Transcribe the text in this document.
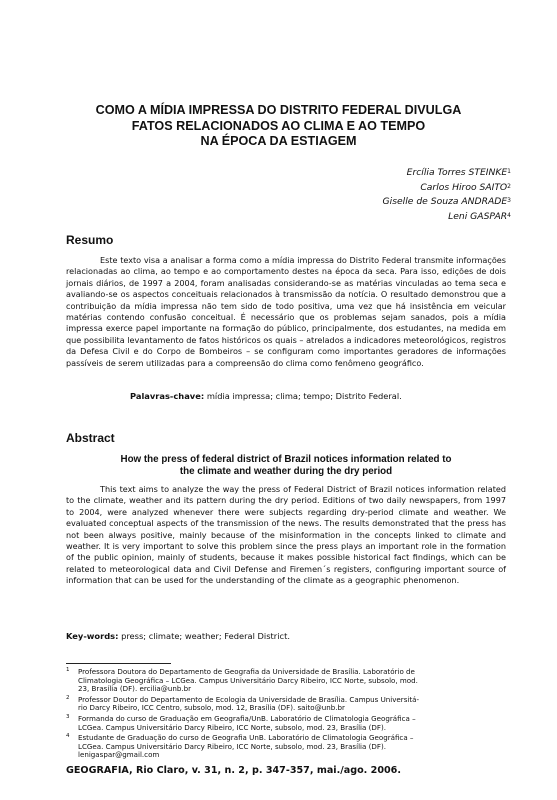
COMO A MÍDIA IMPRESSA DO DISTRITO FEDERAL DIVULGA
FATOS RELACIONADOS AO CLIMA E AO TEMPO
NA ÉPOCA DA ESTIAGEM
Ercília Torres STEINKE$^1$
Carlos Hiroo SAITO$^2$
Giselle de Souza ANDRADE$^3$
Leni GASPAR$^4$
Resumo

Este texto visa a analisar a forma como a mídia impressa do Distrito Federal transmite informações relacionadas ao clima, ao tempo e ao comportamento destes na época da seca. Para isso, edições de dois jornais diários, de 1997 a 2004, foram analisadas considerando-se as matérias vinculadas ao tema seca e avaliando-se os aspectos conceituais relacionados à transmissão da notícia. O resultado demonstrou que a contribuição da mídia impressa não tem sido de todo positiva, uma vez que há insistência em veicular matérias contendo confusão conceitual. É necessário que os problemas sejam sanados, pois a mídia impressa exerce papel importante na formação do público, principalmente, dos estudantes, na medida em que possibilita levantamento de fatos históricos os quais – atrelados a indicadores meteorológicos, registros da Defesa Civil e do Corpo de Bombeiros – se configuram como importantes geradores de informações passíveis de serem utilizadas para a compreensão do clima como fenômeno geográfico.

Palavras-chave: mídia impressa; clima; tempo; Distrito Federal.
Abstract
How the press of federal district of Brazil notices information related to
the climate and weather during the dry period

This text aims to analyze the way the press of Federal District of Brazil notices information related to the climate, weather and its pattern during the dry period. Editions of two daily newspapers, from 1997 to 2004, were analyzed whenever there were subjects regarding dry-period climate and weather. We evaluated conceptual aspects of the transmission of the news. The results demonstrated that the press has not been always positive, mainly because of the misinformation in the concepts linked to climate and weather. It is very important to solve this problem since the press plays an important role in the formation of the public opinion, mainly of students, because it makes possible historical fact findings, which can be related to meteorological data and Civil Defense and Firemen´s registers, configuring important source of information that can be used for the understanding of the climate as a geographic phenomenon.

Key-words: press; climate; weather; Federal District.
1 Professora Doutora do Departamento de Geografia da Universidade de Brasília. Laboratório de
Climatologia Geográfica – LCGea. Campus Universitário Darcy Ribeiro, ICC Norte, subsolo, mod.
23, Brasília (DF). ercilia@unb.br
2 Professor Doutor do Departamento de Ecologia da Universidade de Brasília. Campus Universitá-
rio Darcy Ribeiro, ICC Centro, subsolo, mod. 12, Brasília (DF). saito@unb.br
3 Formanda do curso de Graduação em Geografia/UnB. Laboratório de Climatologia Geográfica –
LCGea. Campus Universitário Darcy Ribeiro, ICC Norte, subsolo, mod. 23, Brasília (DF).
4 Estudante de Graduação do curso de Geografia UnB. Laboratório de Climatologia Geográfica –
LCGea. Campus Universitário Darcy Ribeiro, ICC Norte, subsolo, mod. 23, Brasília (DF).
lenigaspar@gmail.com
GEOGRAFIA, Rio Claro, v. 31, n. 2, p. 347-357, mai./ago. 2006.
